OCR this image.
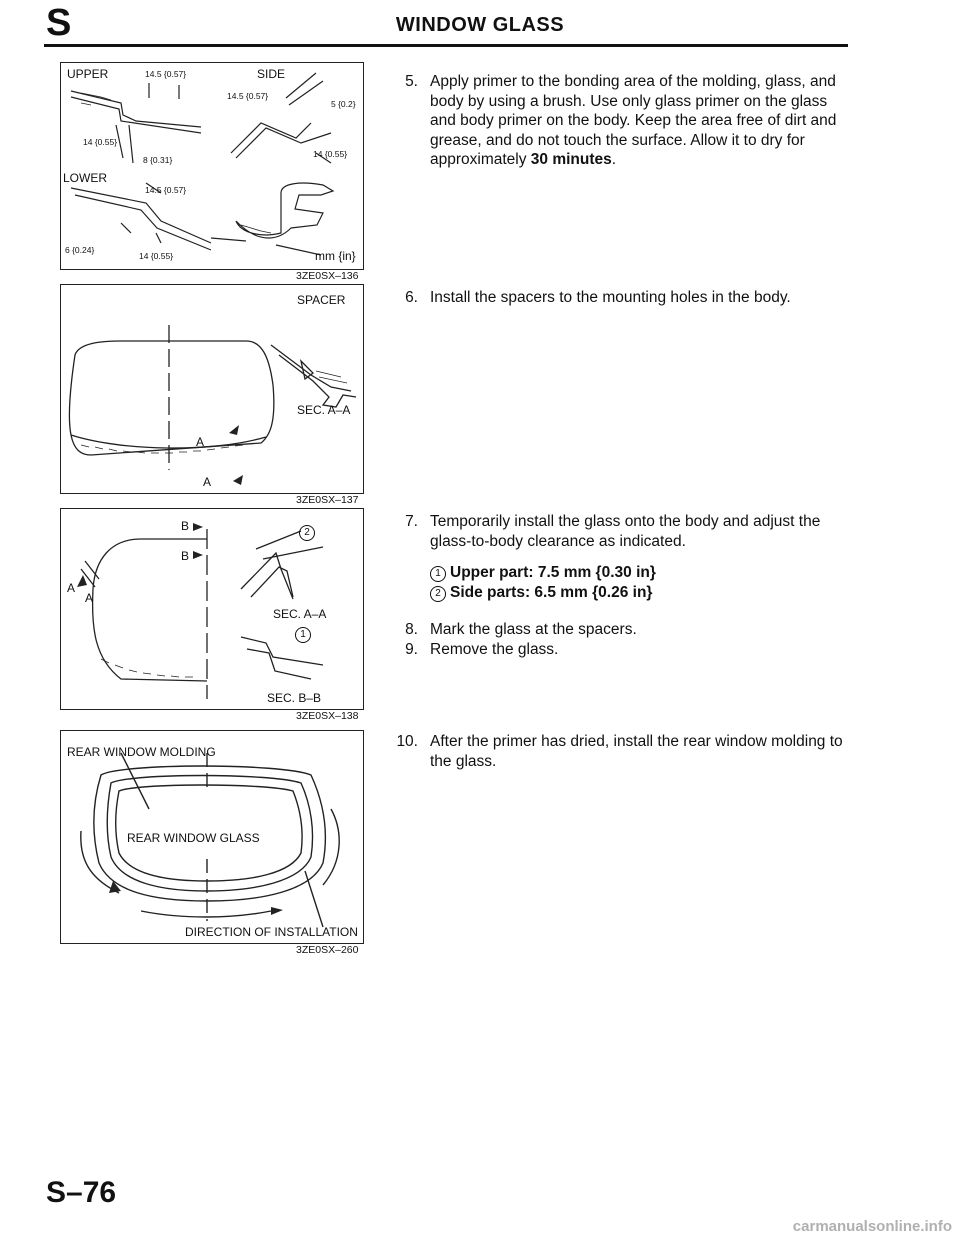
S	WINDOW GLASS
UPPER	SIDE
LOWER
mm {in}
14.5 {0.57}
14.5 {0.57}
5 {0.2}
14 {0.55}
8 {0.31}
14 {0.55}
14.5 {0.57}
6 {0.24}
14 {0.55}
3ZE0SX–136
SPACER
SEC. A–A
A
A
3ZE0SX–137
B
B
A
A
SEC. A–A
SEC. B–B
2
1
3ZE0SX–138
REAR WINDOW MOLDING
REAR WINDOW GLASS
DIRECTION OF INSTALLATION
3ZE0SX–260
5. Apply primer to the bonding area of the molding, glass, and body by using a brush. Use only glass primer on the glass and body primer on the body. Keep the area free of dirt and grease, and do not touch the surface. Allow it to dry for approximately 30 minutes.
6. Install the spacers to the mounting holes in the body.
7. Temporarily install the glass onto the body and adjust the glass-to-body clearance as indicated.
1 Upper part: 7.5 mm {0.30 in}
2 Side parts: 6.5 mm {0.26 in}
8. Mark the glass at the spacers.
9. Remove the glass.
10. After the primer has dried, install the rear window molding to the glass.
S–76
carmanualsonline.info
